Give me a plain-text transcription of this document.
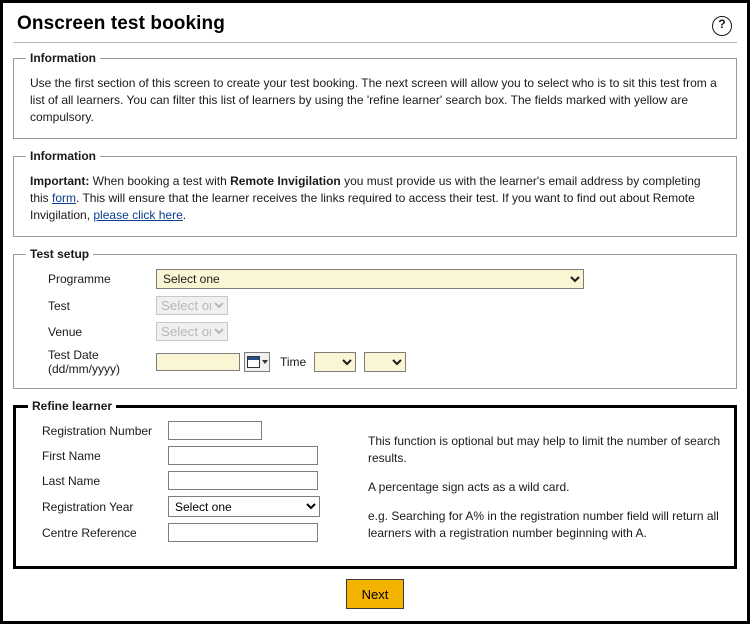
Onscreen test booking	?
Information
Use the first section of this screen to create your test booking. The next screen will allow you to select who is to sit this test from a list of all learners. You can filter this list of learners by using the 'refine learner' search box. The fields marked with yellow are compulsory.
Information
Important: When booking a test with Remote Invigilation you must provide us with the learner's email address by completing this form. This will ensure that the learner receives the links required to access their test. If you want to find out about Remote Invigilation, please click here.
Test setup
Programme
Select one
Test
Select one
Venue
Select one
Test Date (dd/mm/yyyy)	Time
Refine learner
Registration Number
First Name
Last Name
Registration Year
Select one
Centre Reference
This function is optional but may help to limit the number of search results.
A percentage sign acts as a wild card.
e.g. Searching for A% in the registration number field will return all learners with a registration number beginning with A.
Next
